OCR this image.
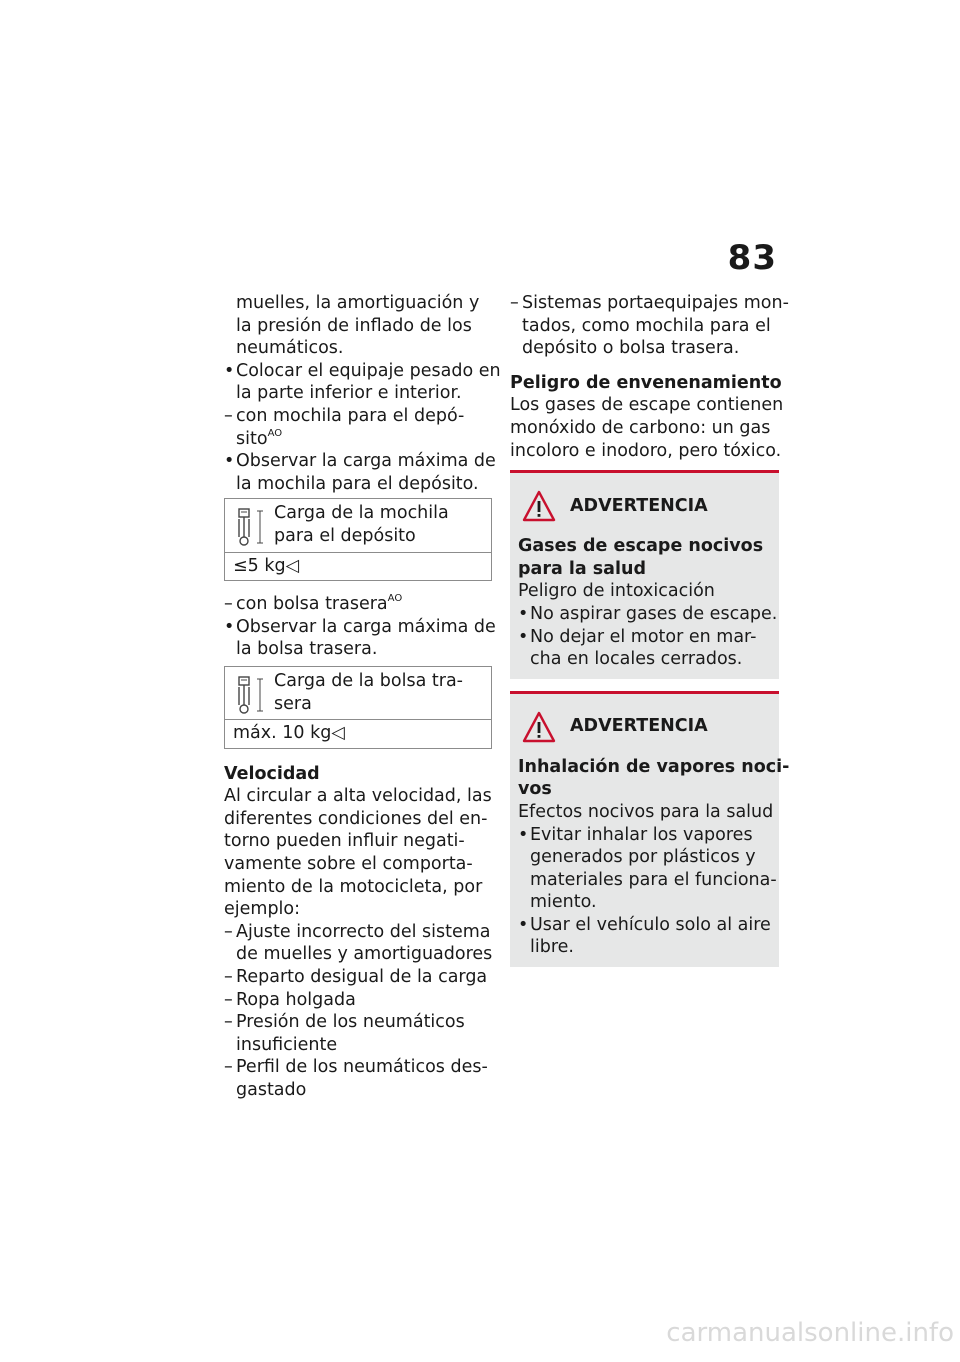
83
muelles, la amortiguación y
la presión de inflado de los
neumáticos.
•Colocar el equipaje pesado en
la parte inferior e interior.
– con mochila para el depó-
sito$^{AO}$
•Observar la carga máxima de
la mochila para el depósito.
Carga de la mochila
para el depósito
≤5 kg◁
– con bolsa trasera$^{AO}$
•Observar la carga máxima de
la bolsa trasera.
Carga de la bolsa tra-
sera
máx. 10 kg◁
Velocidad
Al circular a alta velocidad, las
diferentes condiciones del en-
torno pueden influir negati-
vamente sobre el comporta-
miento de la motocicleta, por
ejemplo:
– Ajuste incorrecto del sistema
de muelles y amortiguadores
– Reparto desigual de la carga
– Ropa holgada
– Presión de los neumáticos
insuficiente
– Perfil de los neumáticos des-
gastado
– Sistemas portaequipajes mon-
tados, como mochila para el
depósito o bolsa trasera.
Peligro de envenenamiento
Los gases de escape contienen
monóxido de carbono: un gas
incoloro e inodoro, pero tóxico.
ADVERTENCIA
Gases de escape nocivos
para la salud
Peligro de intoxicación
•No aspirar gases de escape.
•No dejar el motor en mar-
cha en locales cerrados.
ADVERTENCIA
Inhalación de vapores noci-
vos
Efectos nocivos para la salud
•Evitar inhalar los vapores
generados por plásticos y
materiales para el funciona-
miento.
•Usar el vehículo solo al aire
libre.
carmanualsonline.info
